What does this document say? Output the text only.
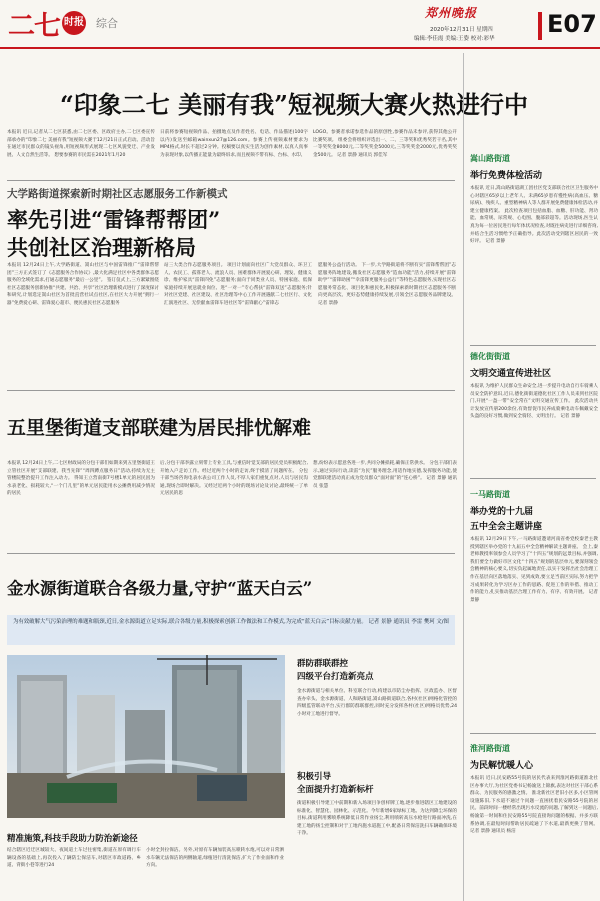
二七 时报 综合
郑州晚报
2020年12月31日 星期四
编辑:李佳霞 美编:王姿 校对:彩华
E07
“印象二七 美丽有我”短视频大赛火热进行中
本报讯 近日,记者从二七区获悉,由二七区委、区政府主办,二七区委宣传部承办的“印象二七 美丽有我”短视频大赛于12月21日正式启动。活动旨在通过市民群众的镜头视角,用短视频形式展现二七区风貌变迁、产业发展、人文自然生活等。 想要参赛的市民需在2021年1月20
日前将参赛短视频作品、拍摄地点及作者姓名、电话、作品描述(100字以内)发送至邮箱wainxun27@126.com。参赛上传视频素材要求为MP4格式,时长不超过2分钟。投稿要以真实生活为创作素材,以真人真事为表现对象,以传播正能量为最终诉求,而且视频不带有标、台标、水印、
LOGO。参赛者承诺参选作品的原创性,参赛作品未参评,获得其他公开比赛奖项。 组委会将组织评选出一、二、三等奖和优秀奖若干名,其中一等奖奖金8000元,二等奖奖金5000元,三等奖奖金2000元,优秀奖奖金500元。 记者 景静 通讯员 郭佳军
大学路街道探索新时期社区志愿服务工作新模式
率先引进“雷锋帮帮团”
共创社区治理新格局
本报讯 12月24日上午,大学路街道、嵩山社区与中国雷锋推广“雷锋帮帮团”三方正式签订了《志愿服务合作协议》,最大化满足社区中各类群体志愿服务的全域化需求,打通志愿服务“最后一公里”。 签订仪式上,三方紧紧围绕社区志愿服务创新协推“共建、共治、共享”社区治理新模式进行了深度探讨和研究,计划选定嵩山社区为首批直营社试点社区,在社区大力开展“拥行一器”免费爱心研、雷锋爱心超市、便民惠民社区志愿服务
站三大类合作志愿服务项目。 项目计划面向社区广大党员群众、环卫工人、农民工、孤寡老人、流浪人员、困难群体开展爱心研、理发、健康义诊、维护家具“雷锋四免”志愿服务;面向于同类业人员、特困家庭、低保家庭持续开展送就业岗位、进“一对一”专心帮扶“雷锋双送”志愿服务;针对社区党建、社区建设、社区治理等中心工作开展遇献二七社区行、文化汇演进社区、无偿献血雷锋车进社区等“雷锋献心”雷锋志
愿服务公益行活动。 下一步,大学路街道将不断有实“雷锋帮帮团”志愿服务阵地建设,搬发社区志愿服务“造血功能”活力,持续开展“雷锋助学”“雷锋助困”“幸雷锋更服务公益行”等特色志愿服务,实现社区志愿服务常态化、项目化和惠民化,积极探索新时期社区志愿服务不断向更高层次、更好态势健康持续发展,引领全区志愿服务品牌建设。 记者 景静
五里堡街道支部联建为居民排忧解难
本报讯 12月24日上午,二七区财政局的分包干部们如期来到五里堡街道王立管社区开展“支部联建、我当先锋”“周四蹲点服务日”活动,持续为无主管楼院整治提升工作注入动力。 得知王立营南街7号楼1单元的居民因为水表老化、损耗较大,“一个门儿里”的单元居民能用水公摊费用减少情况的居民
后,分包干部李露立刻带上专业工具,与重信时觉支部的居民党员积极配合,开始入户走访工作。经过近两个小时的走访,终于摸清了问题所在。 分包干部当场咨询电表水表公司工作人员,不厚人家们重复点对,人员与居民沟通,现场合即时解决。又经过近两个小时的现场讨论及讨论,最终统一了单元居民的思
想,纷纷表示愿意各进一步,共同分摊损耗,确保正常供水。 分包干部们表示,通过实际行动,读雷“为民”服务理念,用适作地实德,发挥服务功能,使党群联建活动真正成为党员群众“面对面”的“连心桥”。 记者 景静 通讯员 张慧
金水源街道联合各级力量,守护“蓝天白云”
为有效破解大气污染治理的难题和瓶颈,近日,金水源街道立足实际,联合各级力量,积极探索创新工作做法和工作模式,为完成“蓝天白云”目标贡献力量。 记者 景静 通讯员 李雷 樊珂 文/图
精准施策,科技手段助力防治新途径
结合辖区近迁区城较大、夜间道土车过往密集,街道在原有调行车辆设备的基础上,再次投入了辆防尘保洁车,对辖区市政道路、乡道、背街小巷等进行24
小时全封拉保洁。另外,对原有车辆加装高压喷转水炮,可以对日常洒水车辆无法保洁的两侧轴道,绿植进行清洗保洁,扩大了作业面和作业方向。
群防群联群控
四级平台打造新亮点
金水源街道与相关单位、科室联合行动,构建以市防尘办指挥、区政监办、区督查办牵头、金水源街道、人和路街道,嵩山路街道联合,各村(社区)网格化管控的四级监管联动平台,实行群防群联群控,同时充分发挥各村(社区)网格员优势,24小时对工地进行督导。
积极引导
全面提升打造新标杆
街道积极引导建工中前期和新入场项目争创样牌工地,逐步推进辖区工地建设的标准化、智慧化、园林化、示范化。今年新增6家绿标工地。为达到降尘环保的目标,街道利用雾喷系统降低日常作业扬尘,利用喷转高压水枪进行路面冲洗,在建工地的扬尘控制和对于工地内施水道施工中,配备日常保洁洗扫车辆确保环境干净。
嵩山路街道
举行免费体检活动
本报讯 近日,嵩山路街道湖工团社区党支部联合社区卫生服务中心对辖区65岁以上老年人、未满65岁患有慢性病(高血压、糖尿病)、残疾人、重型精神病人等人群开展免费健康体检活动,并建立健康档案。 此次检查项目包括血脂、血糖、肝功能、肾功能、血常规、尿常规、心电图、腹部彩超等。活动现场,医生认真为每一位居民进行每年体状况检查,对既往病史进行详细咨询,并结合生活习惯给予正确指导。此次活动受到辖区居民的一致好评。 记者 景静
德化街街道
文明交通宣传进社区
本报讯 为维护人民群众生命安全,进一步提升电动自行车骑乘人员安全防护意识,近日,德化街街道德化社区工作人员来到社区院门,开展“一盔一带”安全常在”文明交通宣传工作。 此次活动共计发放宣传册200余份,有效督促市民养成骑乘电动车佩戴安全头盔的良好习惯,做到安全骑轻、文明出行。 记者 景静
一马路街道
举办党的十九届
五中全会主题讲座
本报讯 12月29日下午,一马路街道邀请河南省委党校秦老主教授到辖区举办党的十九届五中全会精神解读主题讲座。 会上,秦老师教授率领参会人员学习了“十四五”规划的远景目标,并强调,我们要全力做好市区文化“十四五”规划的基层单元,要深刻领会会精神的核心要义,切实负起属地责任,以实干发挥出社会治理工作在基层向区落地落实、见到成效,要立足当前区实际,努力把学习成果转化为学习区办工作的思路、促进工作的举措、推动工作的能力,扎实推动基层合理工作有力、有序、有效开展。 记者 景静
淮河路街道
为民解忧暖人心
本报讯 近日,民安路55号院的居民代表来到淮河路街道淮北社区办事大厅,为社区党委书记杨渝送上锦旗,表达对社区干部心系群众、为民服务的感激之情。 淮北新社区老旧小区多,小区管网设施陈旧,下水道不通过个问题一直困扰着民安路55号院的居民。前段时间一楼经常出现污水反流的问题,了解到这一问题后,杨渝第一时间和住民安路55号院直接询问题的根据、并多方联系协调,在最短时间帮助居民疏通了下水道,最新更换了管网。 记者 景静 通讯员 杨洁
